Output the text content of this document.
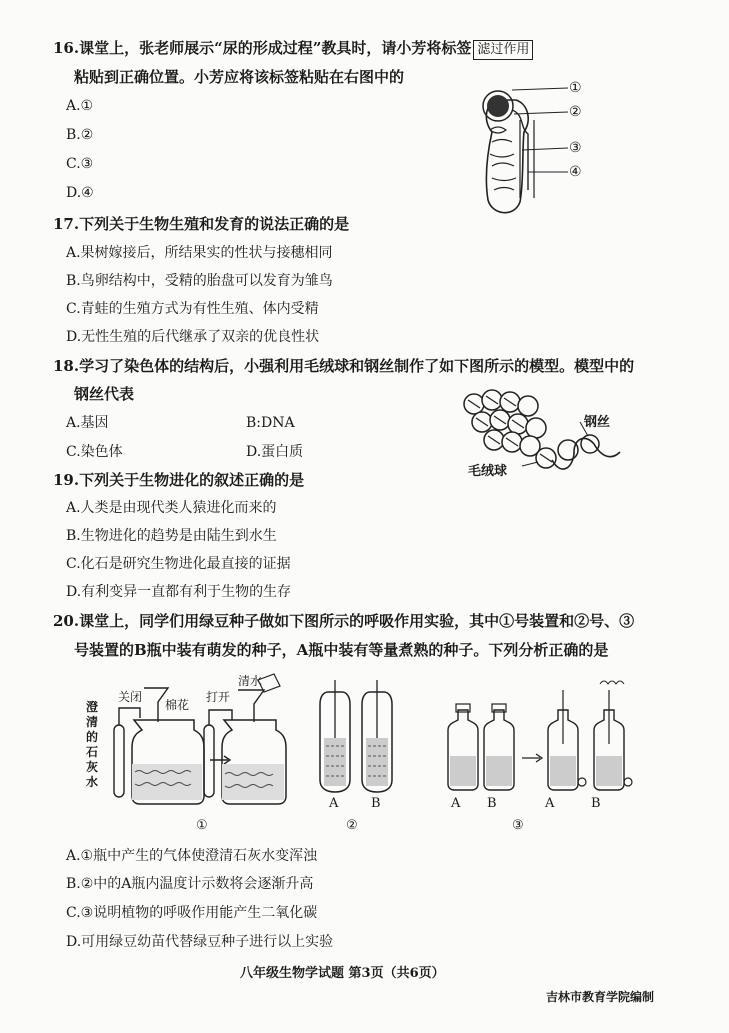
16.课堂上，张老师展示“尿的形成过程”教具时，请小芳将标签 滤过作用
粘贴到正确位置。小芳应将该标签粘贴在右图中的
A.①
B.②
C.③
D.④
①
②
③
④
17.下列关于生物生殖和发育的说法正确的是
A.果树嫁接后，所结果实的性状与接穗相同
B.鸟卵结构中，受精的胎盘可以发育为雏鸟
C.青蛙的生殖方式为有性生殖、体内受精
D.无性生殖的后代继承了双亲的优良性状
18.学习了染色体的结构后，小强利用毛绒球和钢丝制作了如下图所示的模型。模型中的
钢丝代表
A.基因	B:DNA
C.染色体	D.蛋白质
钢丝
毛绒球
19.下列关于生物进化的叙述正确的是
A.人类是由现代类人猿进化而来的
B.生物进化的趋势是由陆生到水生
C.化石是研究生物进化最直接的证据
D.有利变异一直都有利于生物的生存
20.课堂上，同学们用绿豆种子做如下图所示的呼吸作用实验，其中①号装置和②号、③
号装置的B瓶中装有萌发的种子，A瓶中装有等量煮熟的种子。下列分析正确的是
澄清的石灰水
关闭
棉花
打开
清水
①
A	B
②
A B	A	B
③
A.①瓶中产生的气体使澄清石灰水变浑浊
B.②中的A瓶内温度计示数将会逐渐升高
C.③说明植物的呼吸作用能产生二氧化碳
D.可用绿豆幼苗代替绿豆种子进行以上实验
八年级生物学试题 第3页（共6页）
吉林市教育学院编制
